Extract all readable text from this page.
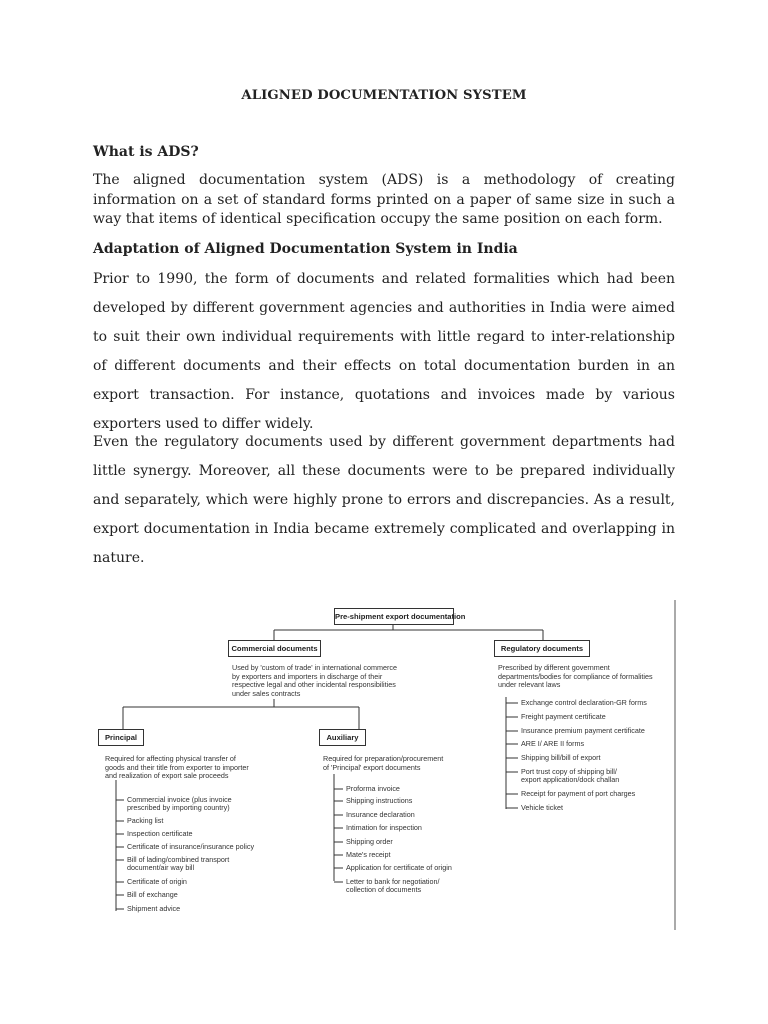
ALIGNED DOCUMENTATION SYSTEM
What is ADS?
The aligned documentation system (ADS) is a methodology of creating information on a set of standard forms printed on a paper of same size in such a way that items of identical specification occupy the same position on each form.
Adaptation of Aligned Documentation System in India
Prior to 1990, the form of documents and related formalities which had been developed by different government agencies and authorities in India were aimed to suit their own individual requirements with little regard to inter-relationship of different documents and their effects on total documentation burden in an export transaction. For instance, quotations and invoices made by various exporters used to differ widely.
Even the regulatory documents used by different government departments had little synergy. Moreover, all these documents were to be prepared individually and separately, which were highly prone to errors and discrepancies. As a result, export documentation in India became extremely complicated and overlapping in nature.
Pre-shipment export documentation
Commercial documents
Used by 'custom of trade' in international commerce
by exporters and importers in discharge of their
respective legal and other incidental responsibilities
under sales contracts
Regulatory documents
Prescribed by different government
departments/bodies for compliance of formalities
under relevant laws
Exchange control declaration-GR forms
Freight payment certificate
Insurance premium payment certificate
ARE I/ ARE II forms
Shipping bill/bill of export
Port trust copy of shipping bill/
export application/dock challan
Receipt for payment of port charges
Vehicle ticket
Principal
Required for affecting physical transfer of
goods and their title from exporter to importer
and realization of export sale proceeds
Commercial invoice (plus invoice
prescribed by importing country)
Packing list
Inspection certificate
Certificate of insurance/insurance policy
Bill of lading/combined transport
document/air way bill
Certificate of origin
Bill of exchange
Shipment advice
Auxiliary
Required for preparation/procurement
of 'Principal' export documents
Proforma invoice
Shipping instructions
Insurance declaration
Intimation for inspection
Shipping order
Mate's receipt
Application for certificate of origin
Letter to bank for negotiation/
collection of documents
